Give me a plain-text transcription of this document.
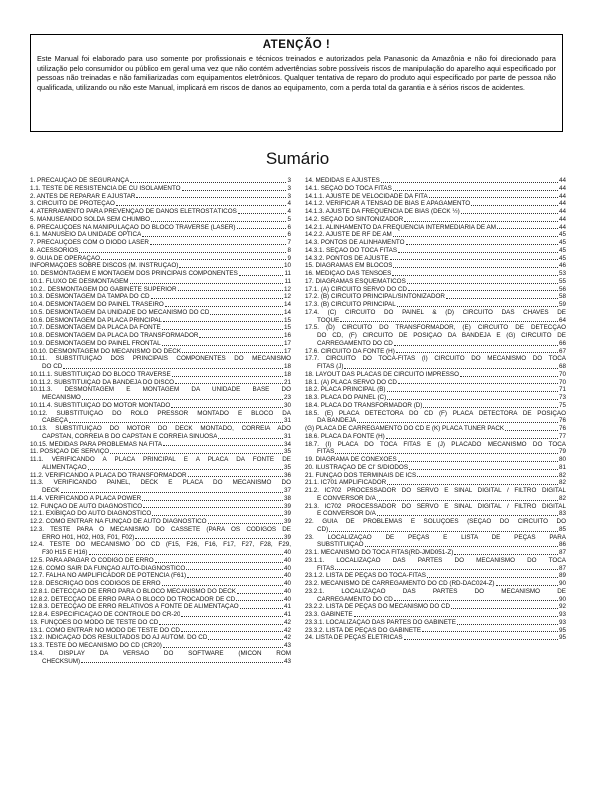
ATENÇÃO !
Este Manual foi elaborado para uso somente por profissionais e técnicos treinados e autorizados pela Panasonic da Amazônia e não foi direcionado para utilização pelo consumidor ou público em geral uma vez que não contém advertências sobre possíveis riscos de manipulação do aparelho aqui especificado por pessoas não treinadas e não familiarizadas com equipamentos eletrônicos. Qualquer tentativa de reparo do produto aqui especificado por parte de pessoa não qualificada, utilizando ou não este Manual, implicará em riscos de danos ao equipamento, com a perda total da garantia e à sérios riscos de acidentes.
Sumário
1. PRECAUÇÃO DE SEGURANÇA	3
1.1. TESTE DE RESISTÊNCIA DE CU ISOLAMENTO	3
2. ANTES DE REPARAR E AJUSTAR	3
3. CIRCUITO DE PROTEÇÃO	4
4. ATERRAMENTO PARA PREVENÇÃO DE DANOS ELETROSTÁTICOS	4
5. MANUSEANDO SOLDA SEM CHUMBO	5
6. PRECAUÇÕES NA MANIPULAÇÃO DO BLOCO TRAVERSE (LASER)	6
6.1. MANUSEIO DA UNIDADE ÓPTICA	6
7. PRECAUÇÕES COM O DIODO LASER	7
8. ACESSÓRIOS	8
9. GUIA DE OPERAÇÃO	9
INFORMAÇÕES SOBRE DISCOS (M. INSTRUÇÃO)	10
10. DESMONTAGEM E MONTAGEM DOS PRINCIPAIS COMPONENTES	11
10.1. FLUXO DE DESMONTAGEM	11
10.2.. DESMONTAGEM DO GABINETE SUPERIOR	12
10.3. DESMONTAGEM DA TAMPA DO CD	12
10.4. DESMONTAGEM DO PAINEL TRASEIRO	14
10.5. DESMONTAGEM DA UNIDADE DO MECANISMO DO CD	14
10.6. DESMONTAGEM DA PLACA PRINCIPAL	15
10.7. DESMONTAGEM DA PLACA DA FONTE	15
10.8. DESMONTAGEM DA PLACA DO TRANSFORMADOR	16
10.9. DESMONTAGEM DO PAINEL FRONTAL	17
10.10. DESMONTAGEM DO MECANISMO DO DECK	17
10.11. SUBSTITUIÇÃO DOS PRINCIPAIS COMPONENTES DO MECANISMO
DO CD	18
10.11.1. SUBSTITUIÇÃO DO BLOCO TRAVERSE	18
10.11.2. SUBSTITUIÇÃO DA BANDEJA DO DISCO	21
10.11.3. DESMONTAGEM E MONTAGEM DA UNIDADE BASE DO
MECANISMO	23
10.11.4. SUBSTITUIÇÃO DO MOTOR MONTADO	30
10.12. SUBSTITUIÇÃO DO ROLO PRESSOR MONTADO E BLOCO DA
CABEÇA	31
10.13. SUBSTITUIÇÃO DO MOTOR DO DECK MONTADO, CORREIA ADO
CAPSTAN, CORREIA B DO CAPSTAN E CORREIA SINUOSA	31
10.15. MEDIDAS PARA PROBLEMAS NA FITA	34
11. POSIÇÃO DE SERVIÇO	35
11.1. VERIFICANDO A PLACA PRINCIPAL E A PLACA DA FONTE DE
ALIMENTAÇÃO	35
11.2. VERIFICANDO A PLACA DO TRANSFORMADOR	36
11.3. VERIFICANDO PAINEL, DECK E PLACA DO MECANISMO DO
DECK	37
11.4. VERIFICANDO A PLACA POWER	38
12. FUNÇÃO DE AUTO DIAGNÓSTICO	39
12.1. EXIBIÇÃO DO AUTO DIAGNÓSTICO	39
12.2. COMO ENTRAR NA FUNÇÃO DE AUTO DIAGNÓSTICO	39
12.3. TESTE PARA O MECANISMO DO CASSETE (PARA OS CÓDIGOS DE
ERRO H01, H02, H03, F01, F02)	39
12.4. TESTE DO MECANISMO DO CD (F15, F26, F16, F17, F27, F28, F29,
F30 H15 E H16)	40
12.5. PARA APAGAR O CÓDIGO DE ERRO	40
12.6. COMO SAIR DA FUNÇÃO AUTO-DIAGNÓSTICO	40
12.7. FALHA NO AMPLIFICADOR DE POTÊNCIA (F61)	40
12.8. DESCRIÇÃO DOS CÓDIGOS DE ERRO	40
12.8.1. DETECÇÃO DE ERRO PARA O BLOCO MECANISMO DO DECK	40
12.8.2. DETECÇÃO DE ERRO PARA O BLOCO DO TROCADOR DE CD	40
12.8.3. DETECÇÃO DE ERRO RELATIVOS À FONTE DE ALIMENTAÇÃO	41
12.8.4. ESPECIFICAÇÃO DE CONTROLE DO CR-20	41
13. FUNÇÕES DO MODO DE TESTE DO CD	42
13.1. COMO ENTRAR NO MODO DE TESTE DO CD	42
13.2. INDICAÇÃO DOS RESULTADOS DO AJ AUTOM. DO CD	42
13.3. TESTE DO MECANISMO DO CD (CR20)	43
13.4. DISPLAY DA VERSÃO DO SOFTWARE (MICON ROM
CHECKSUM)	43
14. MEDIDAS E AJUSTES	44
14.1. SEÇÃO DO TOCA FITAS	44
14.1.1. AJUSTE DE VELOCIDADE DA FITA	44
14.1.2. VERIFICAR A TENSÃO DE BIAS E APAGAMENTO	44
14.1.3. AJUSTE DA FREQÜÊNCIA DE BIAS (DECK ½)	44
14.2. SEÇÃO DO SINTONIZADOR	44
14.2.1. ALINHAMENTO DA FREQÜÊNCIA INTERMEDIÁRIA DE AM	44
14.2.2. AJUSTE DE RF DE AM	45
14.3. PONTOS DE ALINHAMENTO	45
14.3.1. SEÇÃO DO TOCA FITAS	45
14.3.2. PONTOS DE AJUSTE	45
15. DIAGRAMAS EM BLOCOS	46
16. MEDIÇÃO DAS TENSÕES	53
17. DIAGRAMAS ESQUEMÁTICOS	55
17.1. (A) CIRCUITO SERVO DO CD	56
17.2. (B) CIRCUITO PRINCIPAL/SINTONIZADOR	58
17.3. (B) CIRCUITO PRINCIPAL	59
17.4. (C) CIRCUITO DO PAINEL & (D) CIRCUITO DAS CHAVES DE
TOQUE	64
17.5. (D) CIRCUITO DO TRANSFORMADOR, (E) CIRCUITO DE DETECÇÃO
DO CD, (F) CIRCUITO DE POSIÇÃO DA BANDEJA E (G) CIRCUITO DE
CARREGAMENTO DO CD	66
17.6. CIRCUITO DA FONTE (H)	67
17.7. CIRCUITO DO TOCA-FITAS (I) CIRCUITO DO MECANISMO DO TOCA
FITAS (J)	68
18. LAYOUT DAS PLACAS DE CIRCUITO IMPRESSO	70
18.1. (A) PLACA SERVO DO CD	70
18.2. PLACA PRINCIPAL (B)	71
18.3. PLACA DO PAINEL (C)	73
18.4. PLACA DO TRANSFORMADOR (D)	75
18.5. (E) PLACA DETECTORA DO CD (F) PLACA DETECTORA DE POSIÇÃO
DA BANDEJA	76
(G) PLACA DE CARREGAMENTO DO CD E (K) PLACA TUNER PACK	76
18.6. PLACA DA FONTE (H)	77
18.7. (I) PLACA DO TOCA FITAS E (J) PLACADO MECANISMO DO TOCA
FITAS	79
19. DIAGRAMA DE CONEXÕES	80
20. ILUSTRAÇÃO DE CI' S/DIODOS	81
21. FUNÇÃO DOS TERMINAIS DE ICS	82
21.1. IC701 AMPLIFICADOR	82
21.2. IC702 PROCESSADOR DO SERVO E SINAL DIGITAL / FILTRO DIGITAL
E CONVERSOR D/A	82
21.3. IC702 PROCESSADOR DO SERVO E SINAL DIGITAL / FILTRO DIGITAL
E CONVERSOR D/A	83
22. GUIA DE PROBLEMAS E SOLUÇÕES (SEÇÃO DO CIRCUITO DO
CD)	85
23. LOCALIZAÇÃO DE PEÇAS E LISTA DE PEÇAS PARA
SUBSTITUIÇÃO	86
23.1. MECANISMO DO TOCA FITAS(RD-JMD051-Z)	87
23.1.1. LOCALIZAÇÃO DAS PARTES DO MECANISMO DO TOCA
FITAS	87
23.1.2. LISTA DE PEÇAS DO TOCA-FITAS	89
23.2. MECANISMO DE CARREGAMENTO DO CD (RD-DAC024-Z)	90
23.2.1. LOCALIZAÇÃO DAS PARTES DO MECANISMO DE
CARREGAMENTO DO CD	90
23.2.2. LISTA DE PEÇAS DO MECANISMO DO CD	92
23.3. GABINETE	93
23.3.1. LOCALIZAÇÃO DAS PARTES DO GABINETE	93
23.3.2. LISTA DE PEÇAS DO GABINETE	95
24. LISTA DE PEÇAS ELÉTRICAS	95
